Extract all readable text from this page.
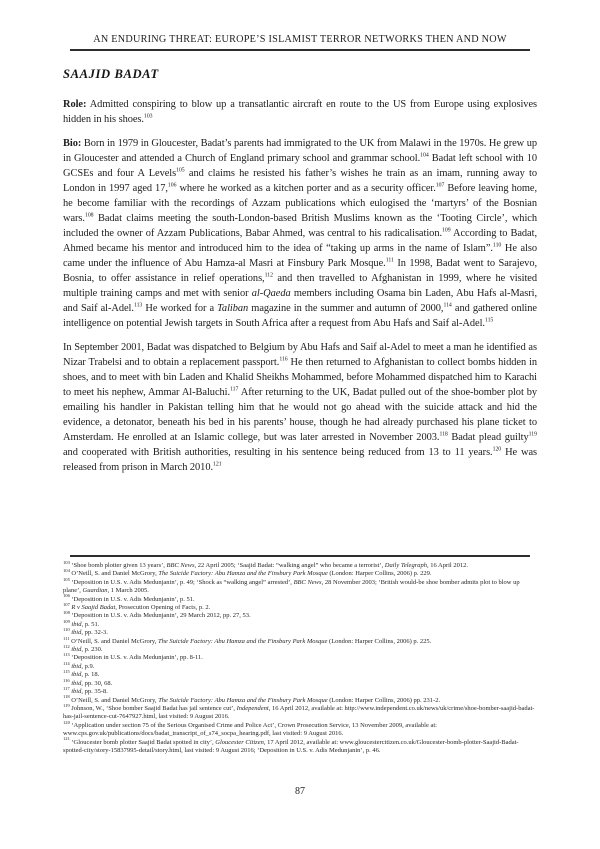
AN ENDURING THREAT: EUROPE’S ISLAMIST TERROR NETWORKS THEN AND NOW
SAAJID BADAT

Role: Admitted conspiring to blow up a transatlantic aircraft en route to the US from Europe using explosives hidden in his shoes.$^{103}$

Bio: Born in 1979 in Gloucester, Badat’s parents had immigrated to the UK from Malawi in the 1970s. He grew up in Gloucester and attended a Church of England primary school and grammar school.$^{104}$ Badat left school with 10 GCSEs and four A Levels$^{105}$ and claims he resisted his father’s wishes he train as an imam, running away to London in 1997 aged 17,$^{106}$ where he worked as a kitchen porter and as a security officer.$^{107}$ Before leaving home, he become familiar with the recordings of Azzam publications which eulogised the ‘martyrs’ of the Bosnian wars.$^{108}$ Badat claims meeting the south-London-based British Muslims known as the ‘Tooting Circle’, which included the owner of Azzam Publications, Babar Ahmed, was central to his radicalisation.$^{109}$ According to Badat, Ahmed became his mentor and introduced him to the idea of “taking up arms in the name of Islam”.$^{110}$ He also came under the influence of Abu Hamza-al Masri at Finsbury Park Mosque.$^{111}$ In 1998, Badat went to Sarajevo, Bosnia, to offer assistance in relief operations,$^{112}$ and then travelled to Afghanistan in 1999, where he visited multiple training camps and met with senior al-Qaeda members including Osama bin Laden, Abu Hafs al-Masri, and Saif al-Adel.$^{113}$ He worked for a Taliban magazine in the summer and autumn of 2000,$^{114}$ and gathered online intelligence on potential Jewish targets in South Africa after a request from Abu Hafs and Saif al-Adel.$^{115}$

In September 2001, Badat was dispatched to Belgium by Abu Hafs and Saif al-Adel to meet a man he identified as Nizar Trabelsi and to obtain a replacement passport.$^{116}$ He then returned to Afghanistan to collect bombs hidden in shoes, and to meet with bin Laden and Khalid Sheikhs Mohammed, before Mohammed dispatched him to Karachi to meet his nephew, Ammar Al-Baluchi.$^{117}$ After returning to the UK, Badat pulled out of the shoe-bomber plot by emailing his handler in Pakistan telling him that he would not go ahead with the suicide attack and hid the evidence, a detonator, beneath his bed in his parents’ house, though he had already purchased his plane ticket to Amsterdam. He enrolled at an Islamic college, but was later arrested in November 2003.$^{118}$ Badat plead guilty$^{119}$ and cooperated with British authorities, resulting in his sentence being reduced from 13 to 11 years.$^{120}$ He was released from prison in March 2010.$^{121}$

$^{103}$ ‘Shoe bomb plotter given 13 years’, BBC News, 22 April 2005; ‘Saajid Badat: “walking angel” who became a terrorist’, Daily Telegraph, 16 April 2012.
$^{104}$ O’Neill, S. and Daniel McGrory, The Suicide Factory: Abu Hamza and the Finsbury Park Mosque (London: Harper Collins, 2006) p. 229.
$^{105}$ ‘Deposition in U.S. v. Adis Medunjanin’, p. 49; ‘Shock as “walking angel” arrested’, BBC News, 28 November 2003; ‘British would-be shoe bomber admits plot to blow up plane’, Guardian, 1 March 2005.
$^{106}$ ‘Deposition in U.S. v. Adis Medunjanin’, p. 51.
$^{107}$ R v Saajid Badat, Prosecution Opening of Facts, p. 2.
$^{108}$ ‘Deposition in U.S. v. Adis Medunjanin’, 29 March 2012, pp. 27, 53.
$^{109}$ ibid, p. 51.
$^{110}$ ibid, pp. 32-3.
$^{111}$ O’Neill, S. and Daniel McGrory, The Suicide Factory: Abu Hamza and the Finsbury Park Mosque (London: Harper Collins, 2006) p. 225.
$^{112}$ ibid, p. 230.
$^{113}$ ‘Deposition in U.S. v. Adis Medunjanin’, pp. 8-11.
$^{114}$ ibid, p.9.
$^{115}$ ibid, p. 18.
$^{116}$ ibid, pp. 30, 68.
$^{117}$ ibid, pp. 35-8.
$^{118}$ O’Neill, S. and Daniel McGrory, The Suicide Factory: Abu Hamza and the Finsbury Park Mosque (London: Harper Collins, 2006) pp. 231-2.
$^{119}$ Johnson, W., ‘Shoe bomber Saajid Badat has jail sentence cut’, Independent, 16 April 2012, available at: http://www.independent.co.uk/news/uk/crime/shoe-bomber-saajid-badat-has-jail-sentence-cut-7647927.html, last visited: 9 August 2016.
$^{120}$ ‘Application under section 75 of the Serious Organised Crime and Police Act’, Crown Prosecution Service, 13 November 2009, available at: www.cps.gov.uk/publications/docs/badat_transcript_of_s74_socpa_hearing.pdf, last visited: 9 August 2016.
$^{121}$ ‘Gloucester bomb plotter Saajid Badat spotted in city’, Gloucester Citizen, 17 April 2012, available at: www.gloucestercitizen.co.uk/Gloucester-bomb-plotter-Saajid-Badat-spotted-city/story-15837995-detail/story.html, last visited: 9 August 2016; ‘Deposition in U.S. v. Adis Medunjanin’, p. 46.
87
